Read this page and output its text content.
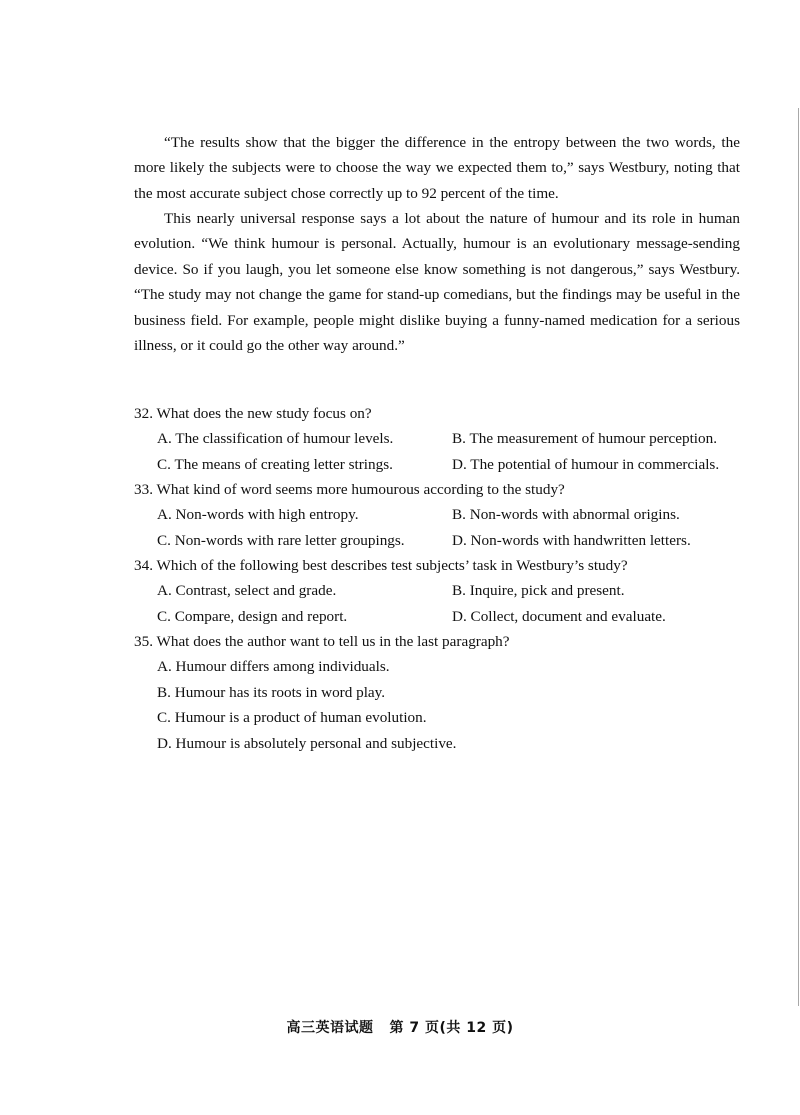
“The results show that the bigger the difference in the entropy between the two words, the more likely the subjects were to choose the way we expected them to,” says Westbury, noting that the most accurate subject chose correctly up to 92 percent of the time.

This nearly universal response says a lot about the nature of humour and its role in human evolution. “We think humour is personal. Actually, humour is an evolutionary message-sending device. So if you laugh, you let someone else know something is not dangerous,” says Westbury. “The study may not change the game for stand-up comedians, but the findings may be useful in the business field. For example, people might dislike buying a funny-named medication for a serious illness, or it could go the other way around.”

32. What does the new study focus on?
A. The classification of humour levels.	B. The measurement of humour perception.
C. The means of creating letter strings.	D. The potential of humour in commercials.
33. What kind of word seems more humourous according to the study?
A. Non-words with high entropy.	B. Non-words with abnormal origins.
C. Non-words with rare letter groupings.	D. Non-words with handwritten letters.
34. Which of the following best describes test subjects’ task in Westbury’s study?
A. Contrast, select and grade.	B. Inquire, pick and present.
C. Compare, design and report.	D. Collect, document and evaluate.
35. What does the author want to tell us in the last paragraph?
A. Humour differs among individuals.
B. Humour has its roots in word play.
C. Humour is a product of human evolution.
D. Humour is absolutely personal and subjective.
高三英语试题 第 7 页(共 12 页)
